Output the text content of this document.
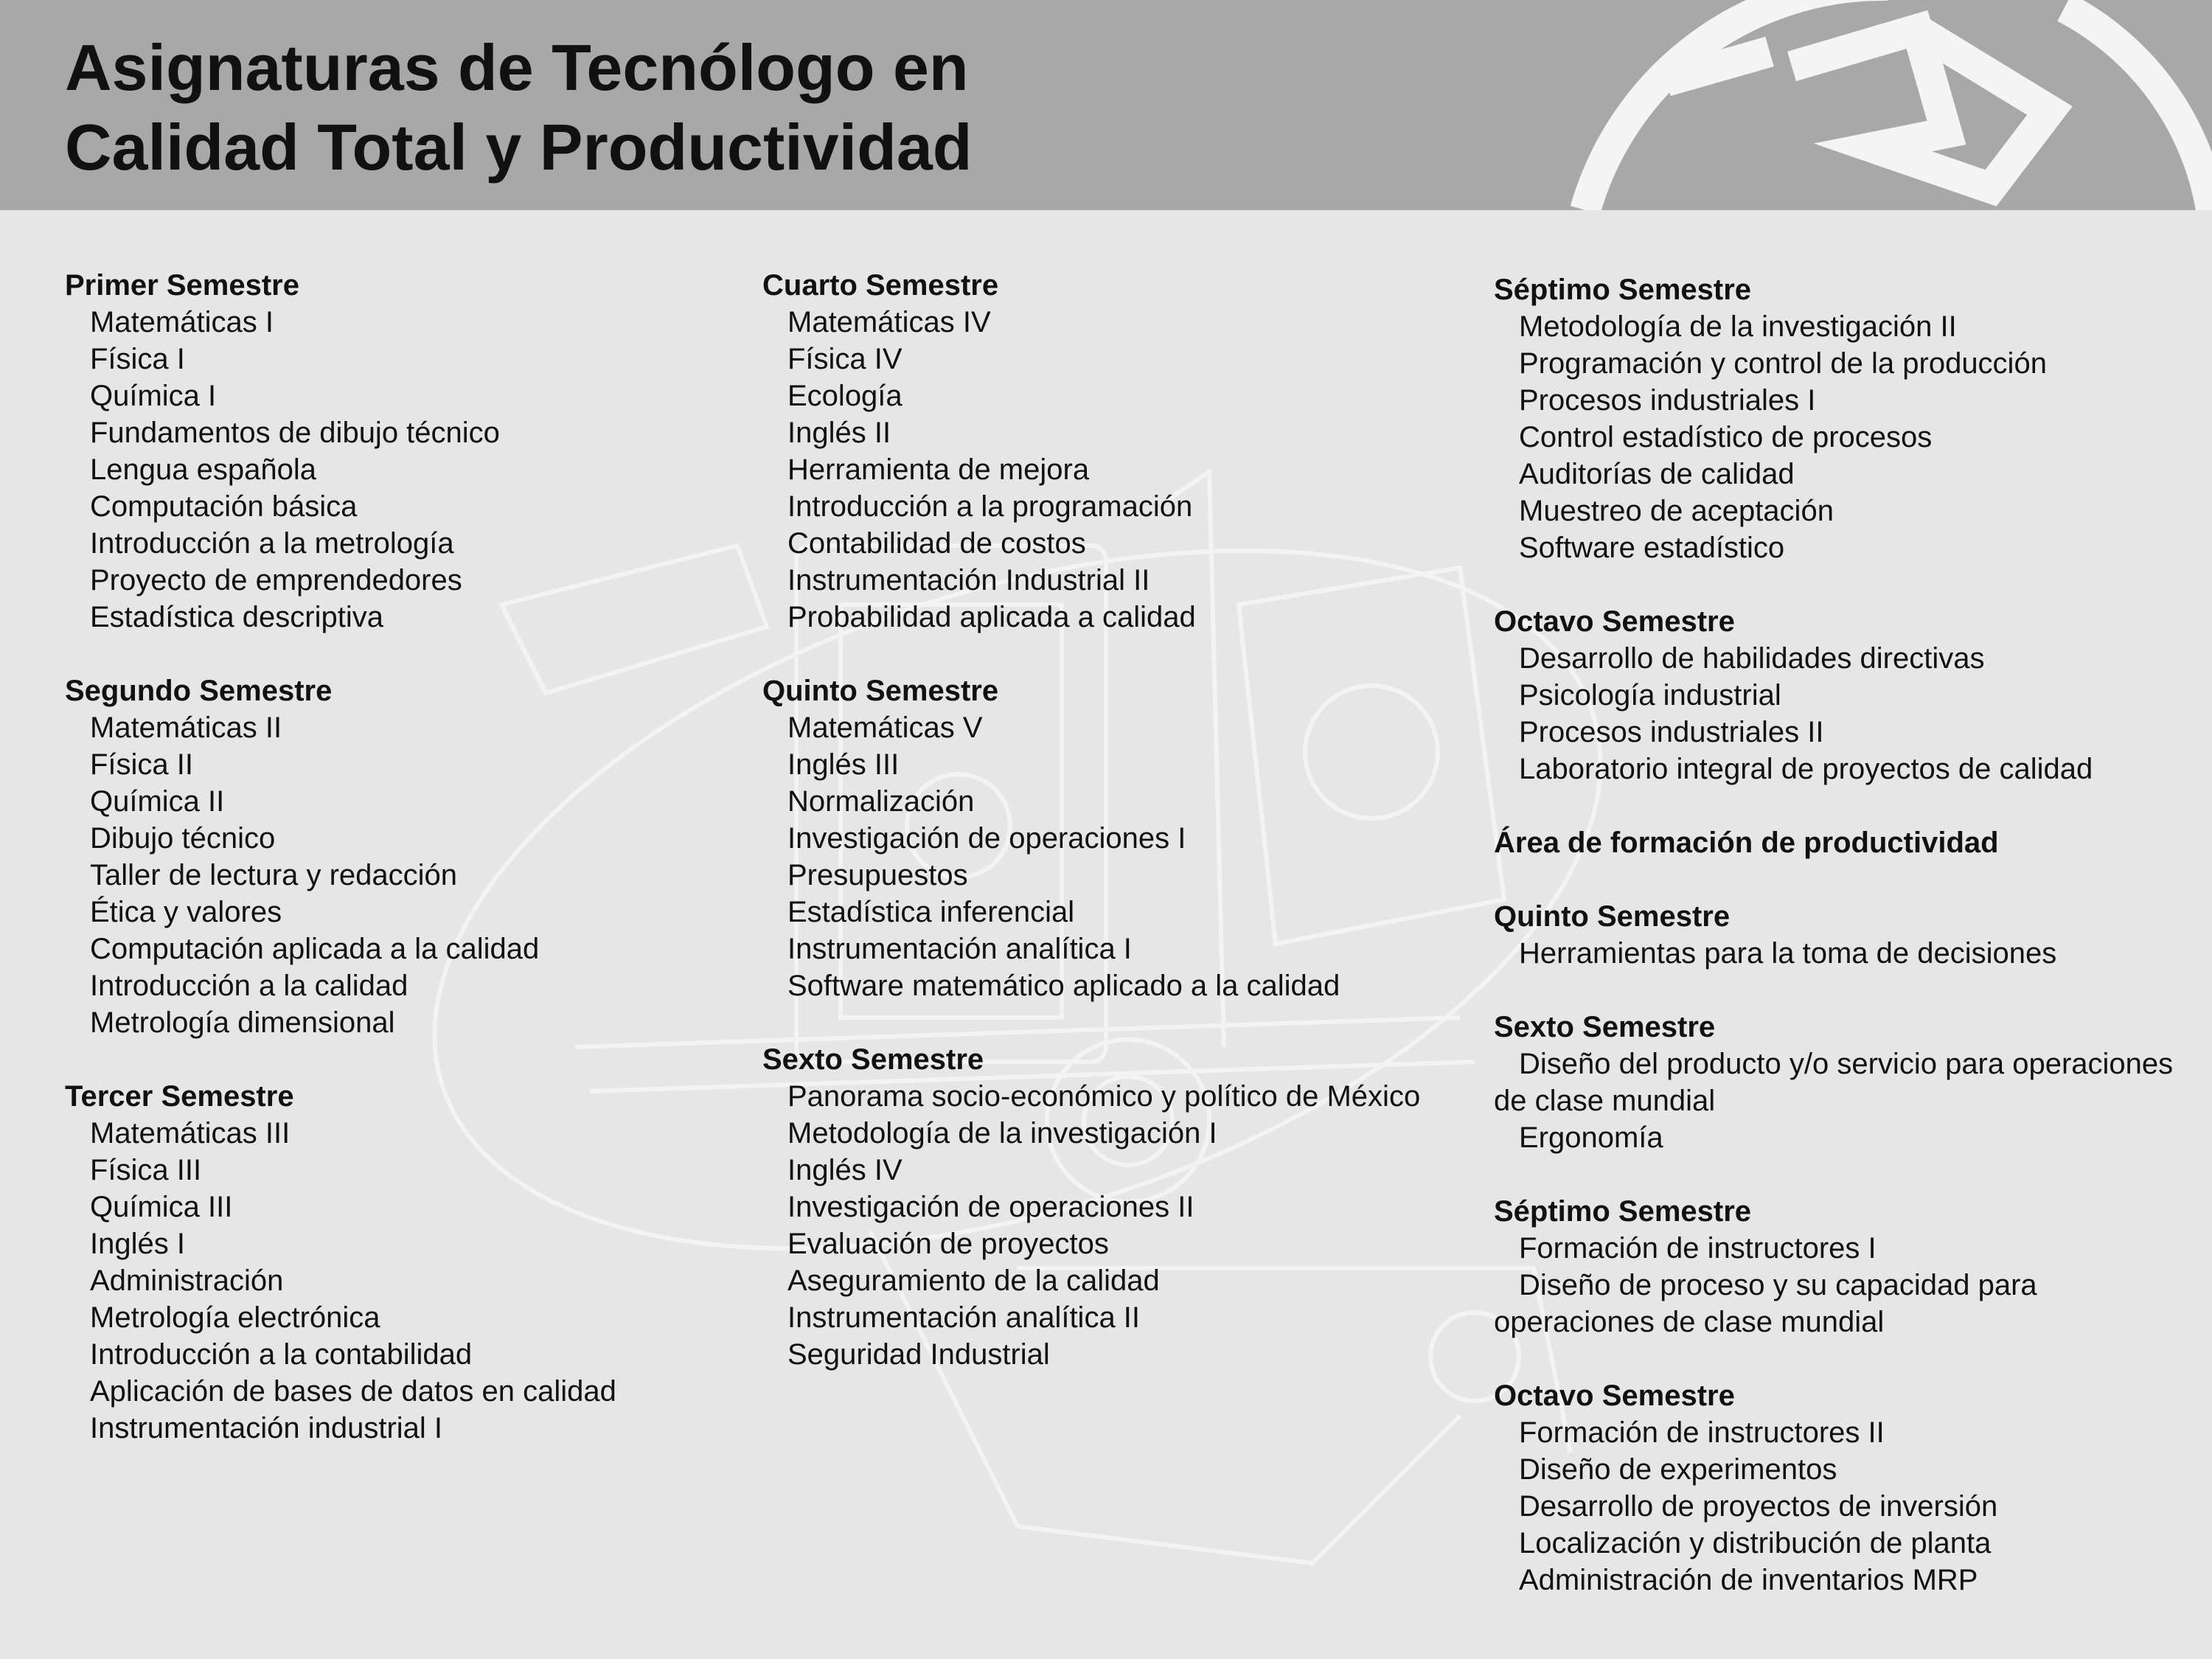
Asignaturas de Tecnólogo en
Calidad Total y Productividad
Primer Semestre
Matemáticas I
Física I
Química I
Fundamentos de dibujo técnico
Lengua española
Computación básica
Introducción a la metrología
Proyecto de emprendedores
Estadística descriptiva
Segundo Semestre
Matemáticas II
Física II
Química II
Dibujo técnico
Taller de lectura y redacción
Ética y valores
Computación aplicada a la calidad
Introducción a la calidad
Metrología dimensional
Tercer Semestre
Matemáticas III
Física III
Química III
Inglés I
Administración
Metrología electrónica
Introducción a la contabilidad
Aplicación de bases de datos en calidad
Instrumentación industrial I
Cuarto Semestre
Matemáticas IV
Física IV
Ecología
Inglés II
Herramienta de mejora
Introducción a la programación
Contabilidad de costos
Instrumentación Industrial II
Probabilidad aplicada a calidad
Quinto Semestre
Matemáticas V
Inglés III
Normalización
Investigación de operaciones I
Presupuestos
Estadística inferencial
Instrumentación analítica I
Software matemático aplicado a la calidad
Sexto Semestre
Panorama socio-económico y político de México
Metodología de la investigación I
Inglés IV
Investigación de operaciones II
Evaluación de proyectos
Aseguramiento de la calidad
Instrumentación analítica II
Seguridad Industrial
Séptimo Semestre
Metodología de la investigación II
Programación y control de la producción
Procesos industriales I
Control estadístico de procesos
Auditorías de calidad
Muestreo de aceptación
Software estadístico
Octavo Semestre
Desarrollo de habilidades directivas
Psicología industrial
Procesos industriales II
Laboratorio integral de proyectos de calidad
Área de formación de productividad
Quinto Semestre
Herramientas para la toma de decisiones
Sexto Semestre
Diseño del producto y/o servicio para operaciones de clase mundial
Ergonomía
Séptimo Semestre
Formación de instructores I
Diseño de proceso y su capacidad para operaciones de clase mundial
Octavo Semestre
Formación de instructores II
Diseño de experimentos
Desarrollo de proyectos de inversión
Localización y distribución de planta
Administración de inventarios MRP
